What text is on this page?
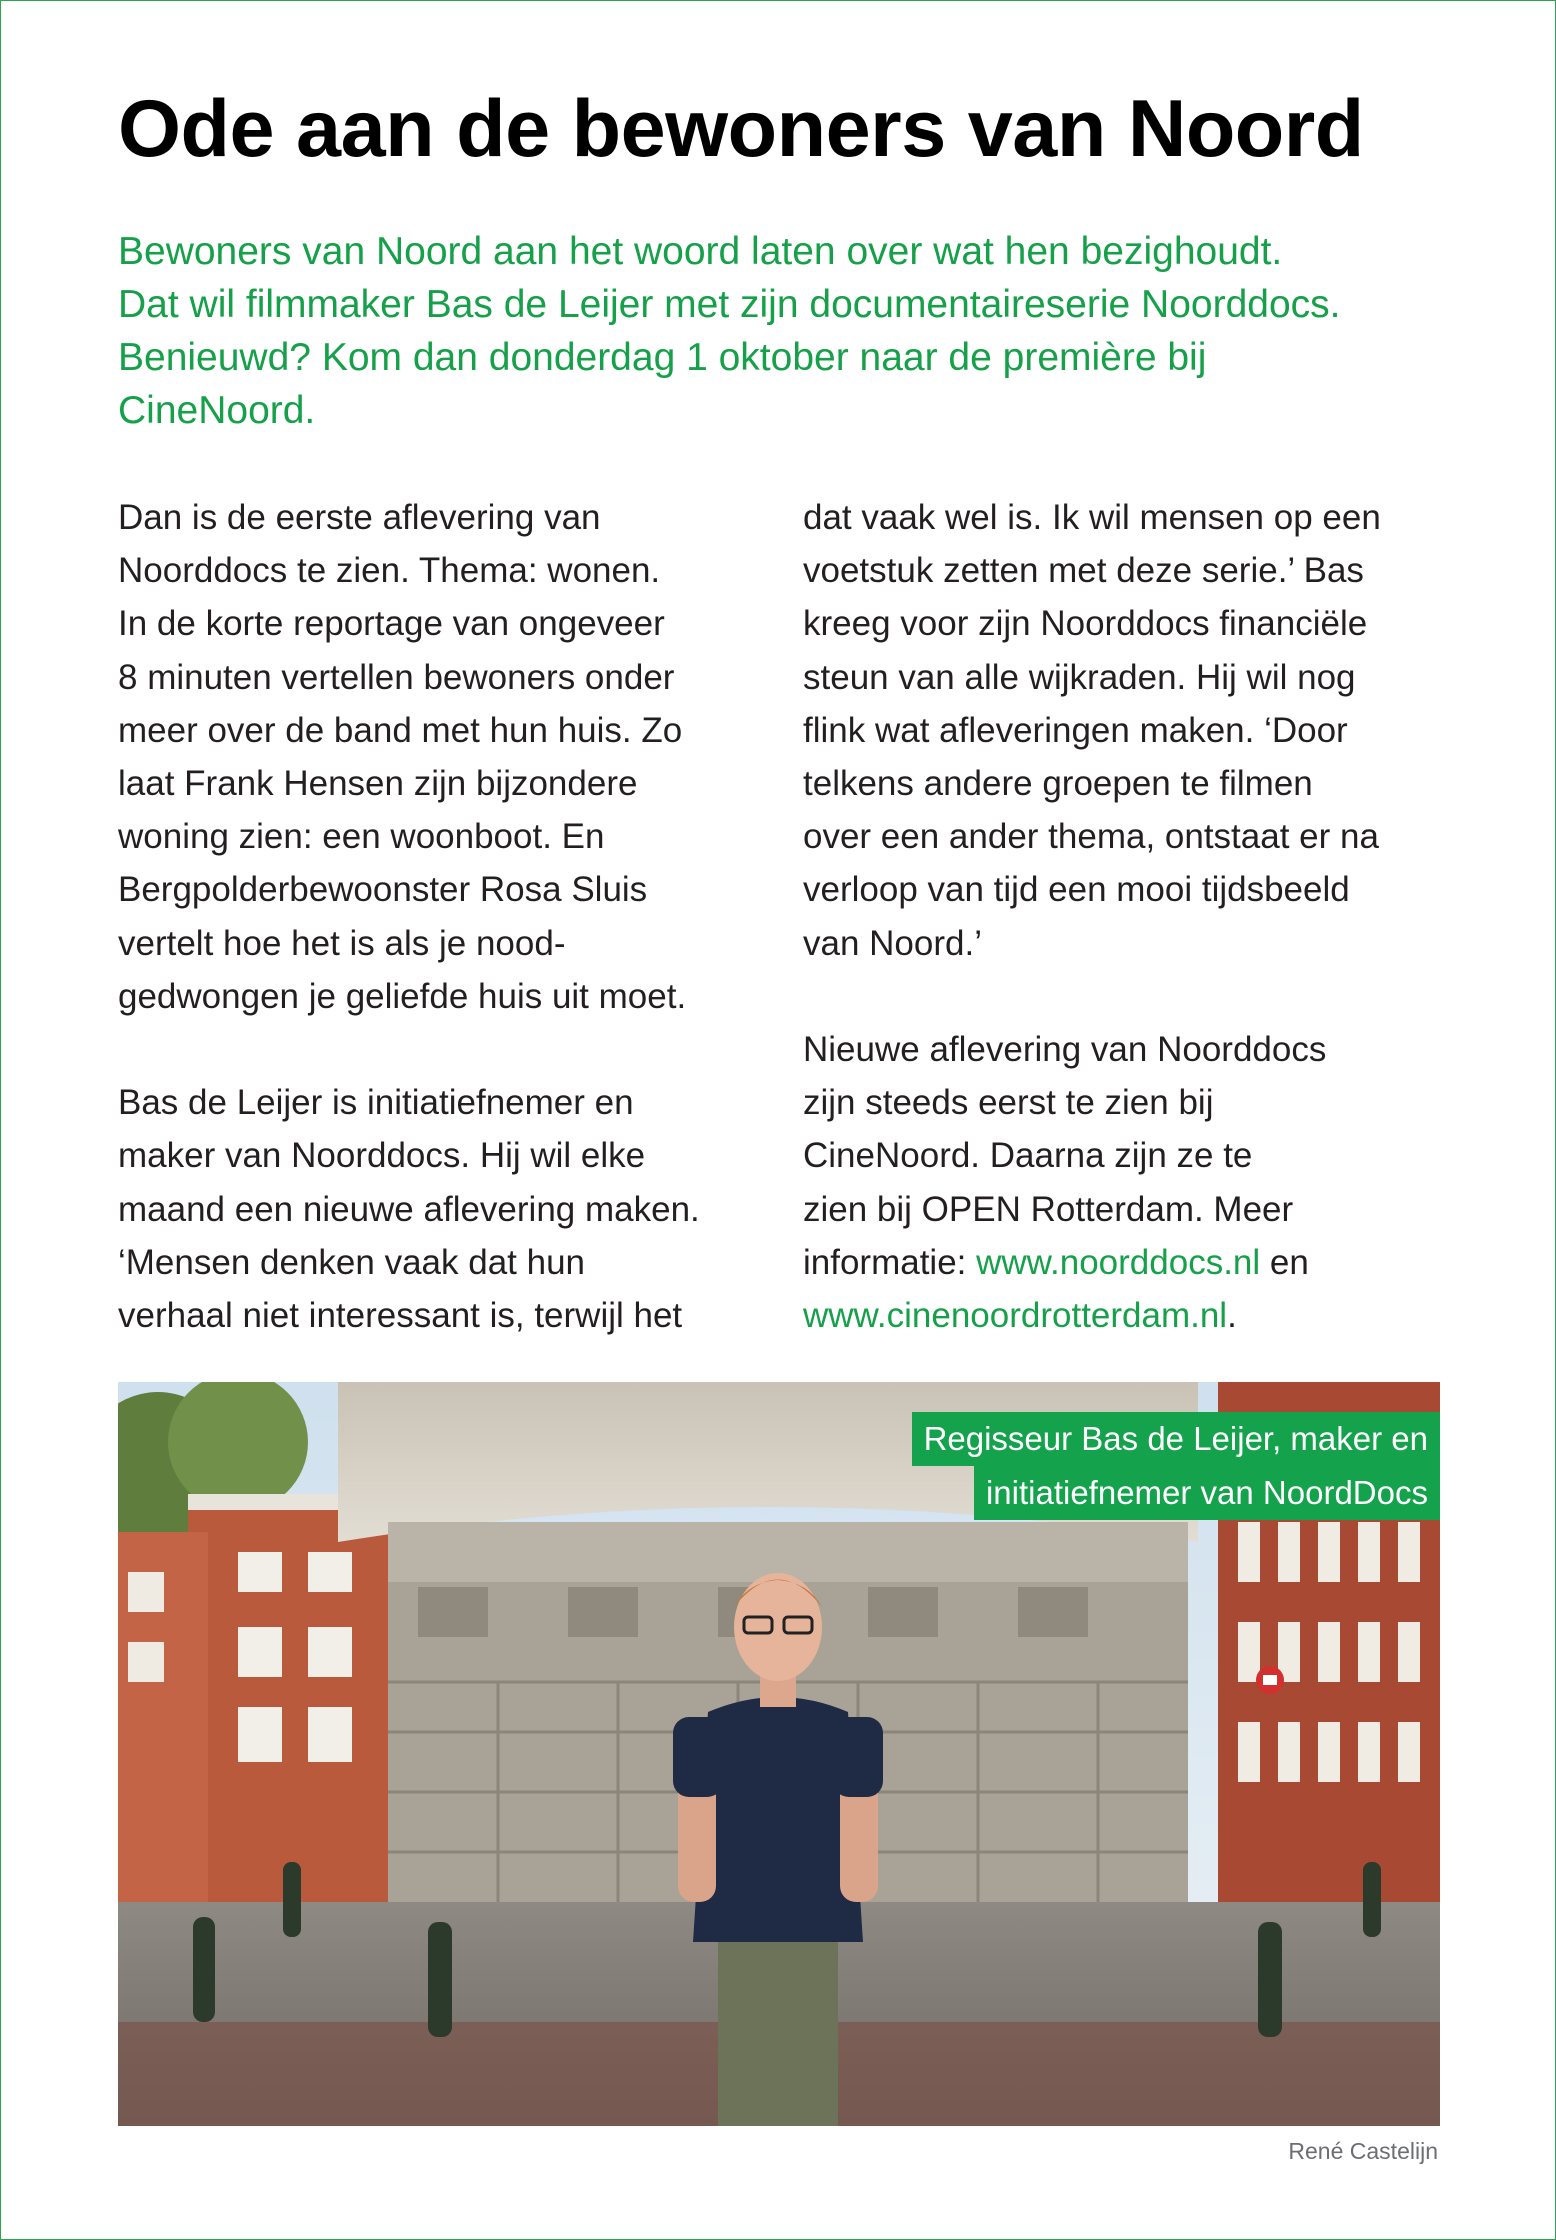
Ode aan de bewoners van Noord
Bewoners van Noord aan het woord laten over wat hen bezighoudt.
Dat wil filmmaker Bas de Leijer met zijn documentaireserie Noorddocs.
Benieuwd? Kom dan donderdag 1 oktober naar de première bij
CineNoord.

Dan is de eerste aflevering van
Noorddocs te zien. Thema: wonen.
In de korte reportage van ongeveer
8 minuten vertellen bewoners onder
meer over de band met hun huis. Zo
laat Frank Hensen zijn bijzondere
woning zien: een woonboot. En
Bergpolderbewoonster Rosa Sluis
vertelt hoe het is als je nood-
gedwongen je geliefde huis uit moet.

Bas de Leijer is initiatiefnemer en
maker van Noorddocs. Hij wil elke
maand een nieuwe aflevering maken.
‘Mensen denken vaak dat hun
verhaal niet interessant is, terwijl het

dat vaak wel is. Ik wil mensen op een
voetstuk zetten met deze serie.’ Bas
kreeg voor zijn Noorddocs financiële
steun van alle wijkraden. Hij wil nog
flink wat afleveringen maken. ‘Door
telkens andere groepen te filmen
over een ander thema, ontstaat er na
verloop van tijd een mooi tijdsbeeld
van Noord.’

Nieuwe aflevering van Noorddocs
zijn steeds eerst te zien bij
CineNoord. Daarna zijn ze te
zien bij OPEN Rotterdam. Meer
informatie: www.noorddocs.nl en
www.cinenoordrotterdam.nl.

Regisseur Bas de Leijer, maker en
initiatiefnemer van NoordDocs
René Castelijn
